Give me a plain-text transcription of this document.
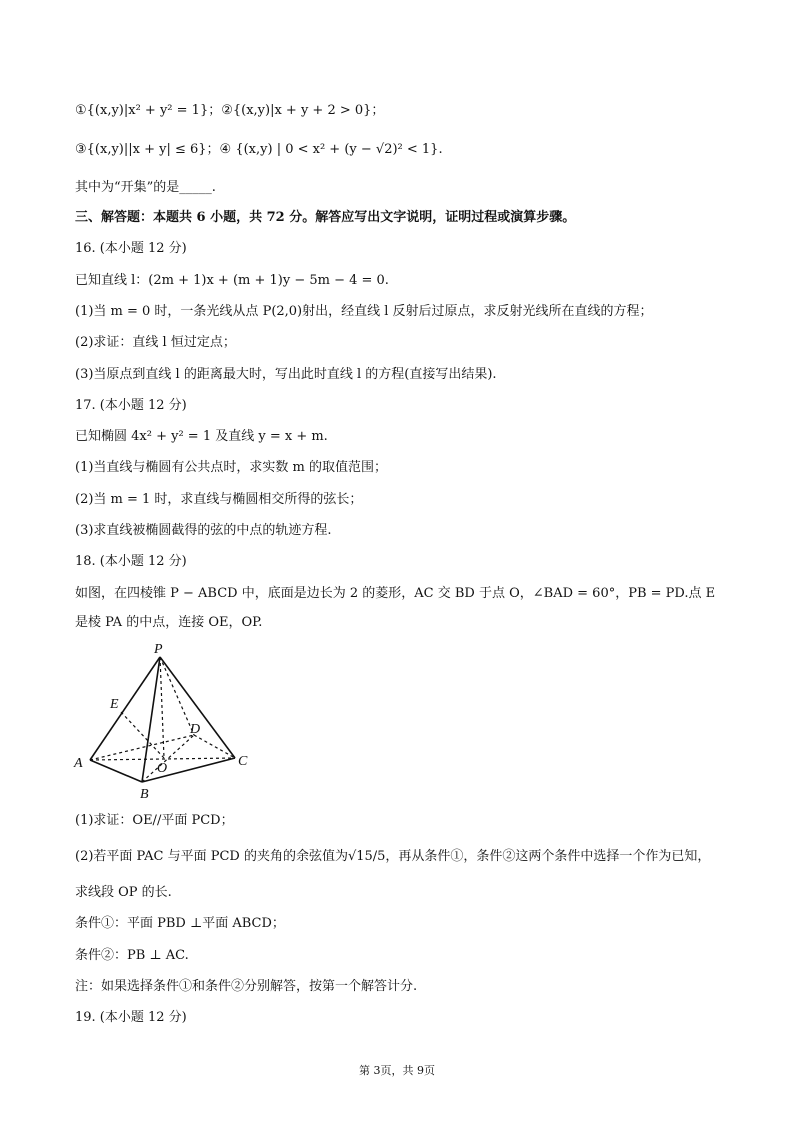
①{(x,y)|x² + y² = 1}；②{(x,y)|x + y + 2 > 0}；
③{(x,y)||x + y| ≤ 6}；④ {(x,y) | 0 < x² + (y − √2)² < 1}.
其中为“开集”的是_____.
三、解答题：本题共 6 小题，共 72 分。解答应写出文字说明，证明过程或演算步骤。
16. (本小题 12 分)
已知直线 l：(2m + 1)x + (m + 1)y − 5m − 4 = 0.
(1)当 m = 0 时，一条光线从点 P(2,0)射出，经直线 l 反射后过原点，求反射光线所在直线的方程；
(2)求证：直线 l 恒过定点；
(3)当原点到直线 l 的距离最大时，写出此时直线 l 的方程(直接写出结果).
17. (本小题 12 分)
已知椭圆 4x² + y² = 1 及直线 y = x + m.
(1)当直线与椭圆有公共点时，求实数 m 的取值范围；
(2)当 m = 1 时，求直线与椭圆相交所得的弦长；
(3)求直线被椭圆截得的弦的中点的轨迹方程.
18. (本小题 12 分)
如图，在四棱锥 P − ABCD 中，底面是边长为 2 的菱形，AC 交 BD 于点 O，∠BAD = 60°，PB = PD.点 E
是棱 PA 的中点，连接 OE，OP.
P
E
D
A	O	C
B
(1)求证：OE//平面 PCD；
(2)若平面 PAC 与平面 PCD 的夹角的余弦值为√15/5，再从条件①，条件②这两个条件中选择一个作为已知，
求线段 OP 的长.
条件①：平面 PBD ⊥平面 ABCD；
条件②：PB ⊥ AC.
注：如果选择条件①和条件②分别解答，按第一个解答计分.
19. (本小题 12 分)
第 3页，共 9页
